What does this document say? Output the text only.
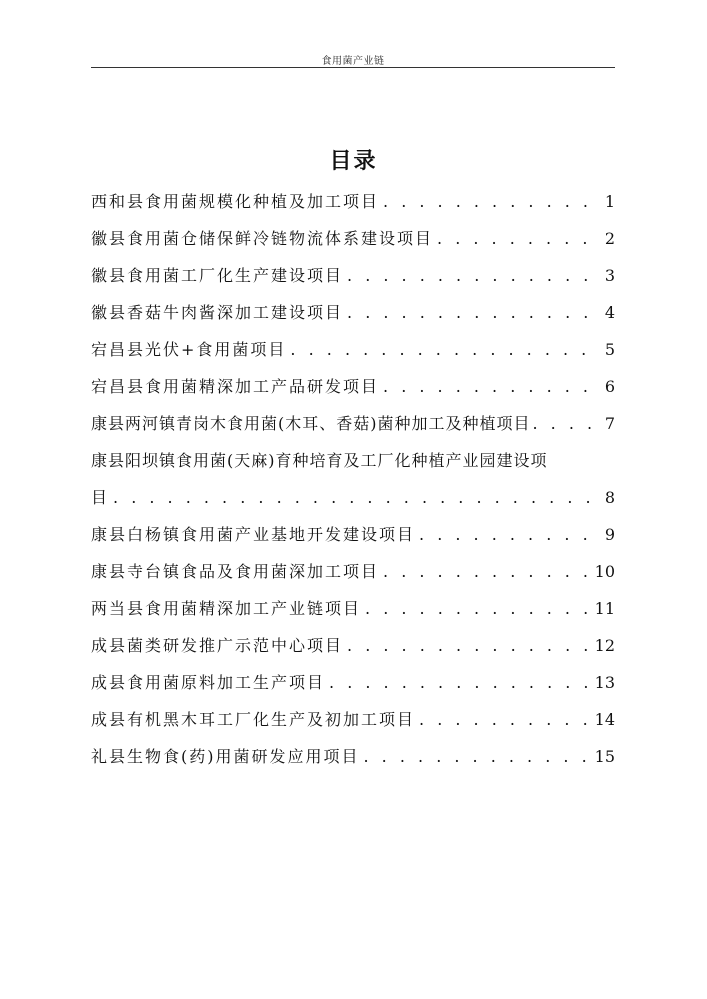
食用菌产业链
目录
西和县食用菌规模化种植及加工项目 . . .	1
徽县食用菌仓储保鲜冷链物流体系建设项目 . . .	2
徽县食用菌工厂化生产建设项目 . . .	3
徽县香菇牛肉酱深加工建设项目 . . .	4
宕昌县光伏+食用菌项目 . . .	5
宕昌县食用菌精深加工产品研发项目 . . .	6
康县两河镇青岗木食用菌(木耳、香菇)菌种加工及种植项目 . . .	7
康县阳坝镇食用菌(天麻)育种培育及工厂化种植产业园建设项
目 . . .	8
康县白杨镇食用菌产业基地开发建设项目 . . .	9
康县寺台镇食品及食用菌深加工项目 . . .	10
两当县食用菌精深加工产业链项目 . . .	11
成县菌类研发推广示范中心项目 . . .	12
成县食用菌原料加工生产项目 . . .	13
成县有机黑木耳工厂化生产及初加工项目 . . .	14
礼县生物食(药)用菌研发应用项目 . . .	15
